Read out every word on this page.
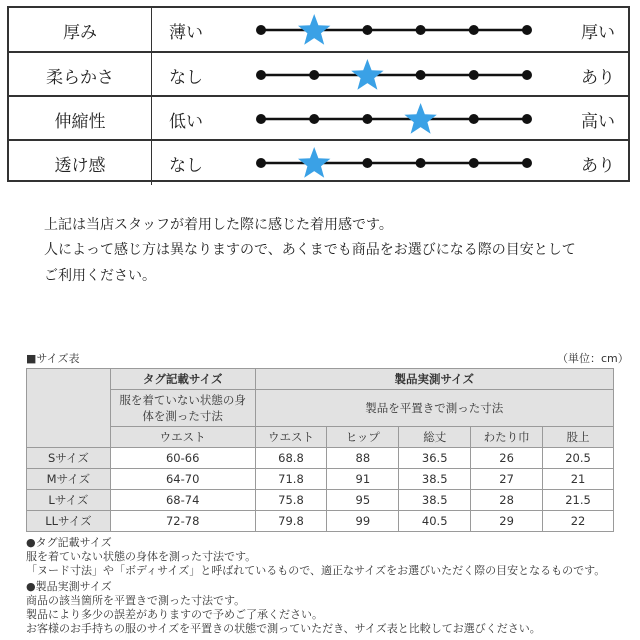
厚み	薄い	厚い
柔らかさ	なし	あり
伸縮性	低い	高い
透け感	なし	あり
上記は当店スタッフが着用した際に感じた着用感です。
人によって感じ方は異なりますので、あくまでも商品をお選びになる際の目安として
ご利用ください。
■サイズ表	（単位：cm）
	タグ記載サイズ	製品実測サイズ				
	服を着ていない状態の身体を測った寸法	製品を平置きで測った寸法				
	ウエスト	ウエスト	ヒップ	総丈	わたり巾	股上
Sサイズ	60-66	68.8	88	36.5	26	20.5
Mサイズ	64-70	71.8	91	38.5	27	21
Lサイズ	68-74	75.8	95	38.5	28	21.5
LLサイズ	72-78	79.8	99	40.5	29	22
●タグ記載サイズ
服を着ていない状態の身体を測った寸法です。
「ヌード寸法」や「ボディサイズ」と呼ばれているもので、適正なサイズをお選びいただく際の目安となるものです。
●製品実測サイズ
商品の該当箇所を平置きで測った寸法です。
製品により多少の誤差がありますので予めご了承ください。
お客様のお手持ちの服のサイズを平置きの状態で測っていただき、サイズ表と比較してお選びください。
